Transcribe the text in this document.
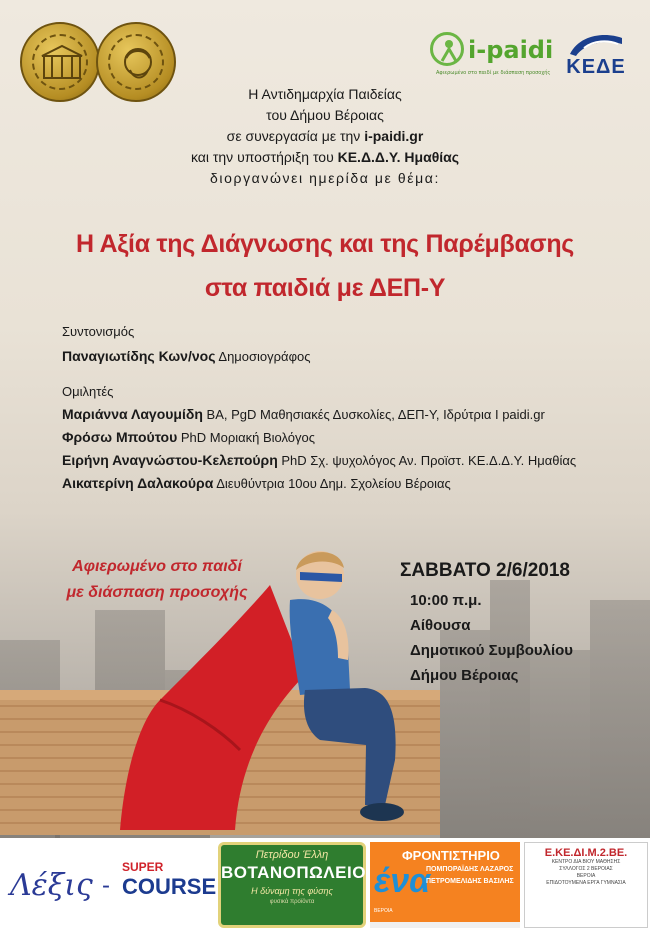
i-paidi
Αφιερωμένο στο παιδί με διάσπαση προσοχής ΚΕΔΕ
Η Αντιδημαρχία Παιδείας
του Δήμου Βέροιας
σε συνεργασία με την i-paidi.gr
και την υποστήριξη του ΚΕ.Δ.Δ.Υ. Ημαθίας
διοργανώνει ημερίδα με θέμα:
Η Αξία της Διάγνωσης και της Παρέμβασης
στα παιδιά με ΔΕΠ-Υ
Συντονισμός
Παναγιωτίδης Κων/νος Δημοσιογράφος
Ομιλητές
Μαριάννα Λαγουμίδη BA, PgD Μαθησιακές Δυσκολίες, ΔΕΠ-Υ, Ιδρύτρια I paidi.gr
Φρόσω Μπούτου PhD Μοριακή Βιολόγος
Ειρήνη Αναγνώστου-Κελεπούρη PhD Σχ. ψυχολόγος Αν. Προϊστ. ΚΕ.Δ.Δ.Υ. Ημαθίας
Αικατερίνη Δαλακούρα Διευθύντρια 10ου Δημ. Σχολείου Βέροιας
Αφιερωμένο στο παιδί
με διάσπαση προσοχής
ΣΑΒΒΑΤΟ 2/6/2018
10:00 π.μ.
Αίθουσα
Δημοτικού Συμβουλίου
Δήμου Βέροιας
Λέξις -
SUPER
COURSE
Πετρίδου Έλλη
ΒΟΤΑΝΟΠΩΛΕΙΟ
Η δύναμη της φύσης
φυσικά προϊόντα
ΦΡΟΝΤΙΣΤΗΡΙΟ
ένα
ΠΟΜΠΟΡΑΪΔΗΣ ΛΑΖΑΡΟΣ
ΠΕΤΡΟΜΕΛΙΔΗΣ ΒΑΣΙΛΗΣ
ΒΕΡΟΙΑ
Ε.ΚΕ.ΔΙ.Μ.2.ΒΕ.
ΚΕΝΤΡΟ ΔΙΑ ΒΙΟΥ ΜΑΘΗΣΗΣ
ΣΥΛΛΟΓΟΣ 2 ΒΕΡΟΙΑΣ
ΒΕΡΟΙΑ
ΕΠΙΔΟΤΟΥΜΕΝΑ ΕΡΓΑ ΓΥΜΝΑΣΙΑ
